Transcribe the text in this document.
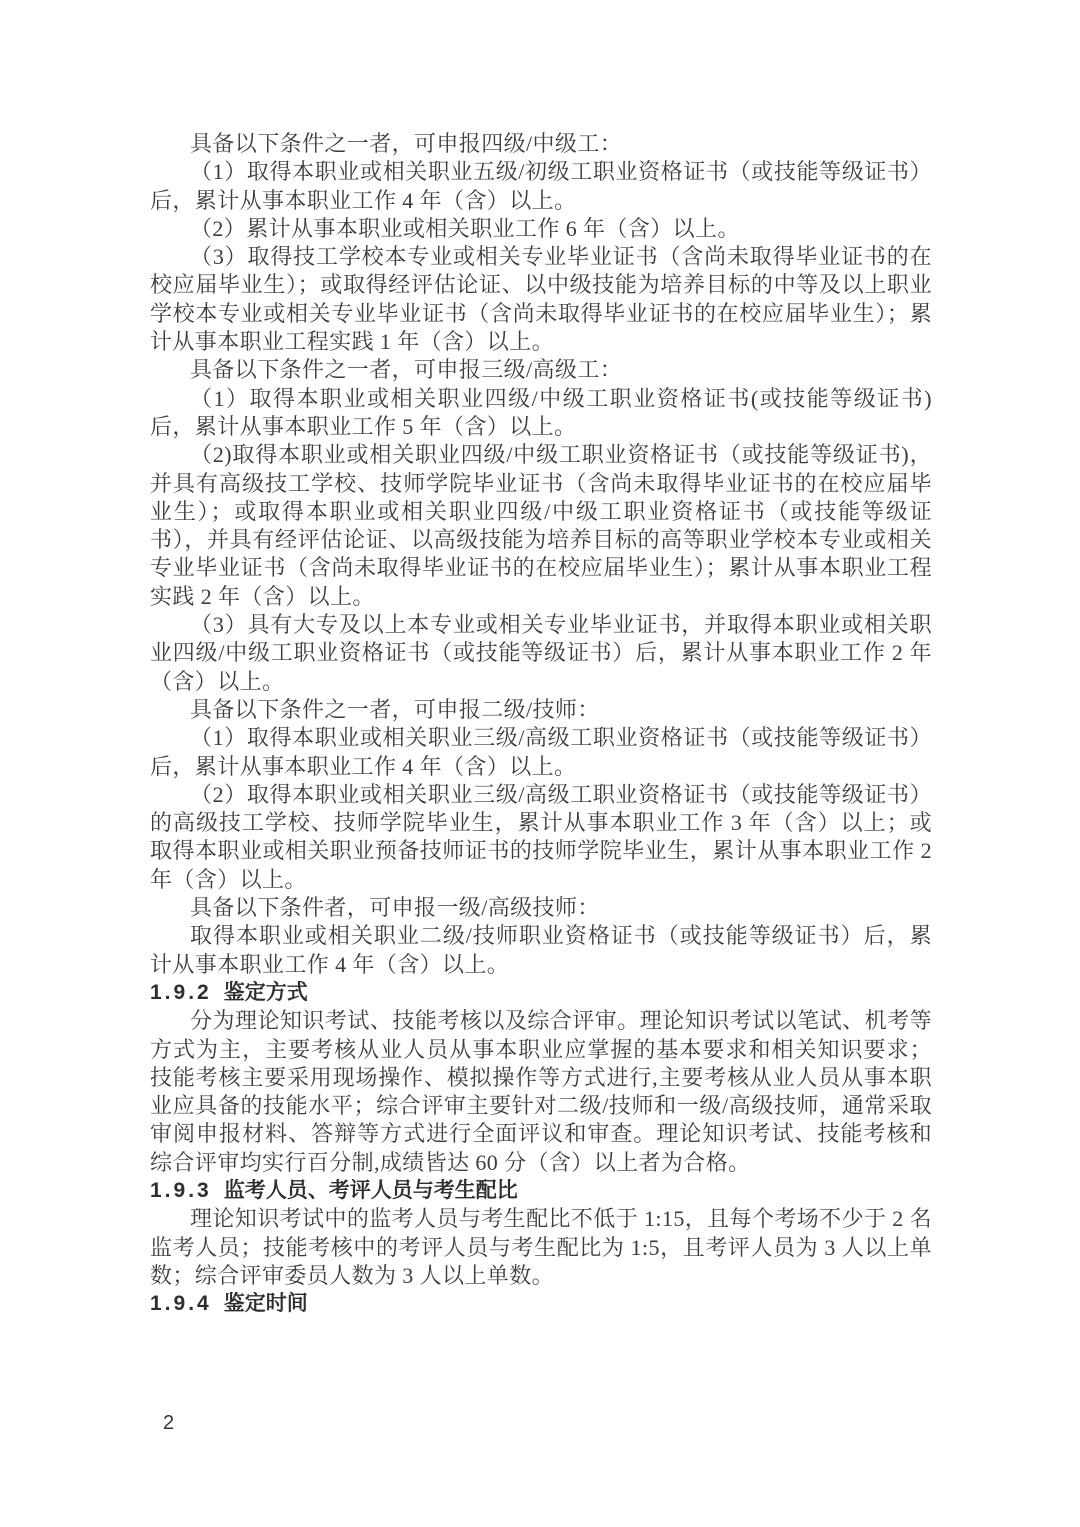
具备以下条件之一者，可申报四级/中级工：

（1）取得本职业或相关职业五级/初级工职业资格证书（或技能等级证书）后，累计从事本职业工作 4 年（含）以上。

（2）累计从事本职业或相关职业工作 6 年（含）以上。

（3）取得技工学校本专业或相关专业毕业证书（含尚未取得毕业证书的在校应届毕业生）；或取得经评估论证、以中级技能为培养目标的中等及以上职业学校本专业或相关专业毕业证书（含尚未取得毕业证书的在校应届毕业生）；累计从事本职业工程实践 1 年（含）以上。

具备以下条件之一者，可申报三级/高级工：

（1）取得本职业或相关职业四级/中级工职业资格证书(或技能等级证书)后，累计从事本职业工作 5 年（含）以上。

（2)取得本职业或相关职业四级/中级工职业资格证书（或技能等级证书)，并具有高级技工学校、技师学院毕业证书（含尚未取得毕业证书的在校应届毕业生）；或取得本职业或相关职业四级/中级工职业资格证书（或技能等级证书），并具有经评估论证、以高级技能为培养目标的高等职业学校本专业或相关专业毕业证书（含尚未取得毕业证书的在校应届毕业生）；累计从事本职业工程实践 2 年（含）以上。

（3）具有大专及以上本专业或相关专业毕业证书，并取得本职业或相关职业四级/中级工职业资格证书（或技能等级证书）后，累计从事本职业工作 2 年（含）以上。

具备以下条件之一者，可申报二级/技师：

（1）取得本职业或相关职业三级/高级工职业资格证书（或技能等级证书）后，累计从事本职业工作 4 年（含）以上。

（2）取得本职业或相关职业三级/高级工职业资格证书（或技能等级证书）的高级技工学校、技师学院毕业生，累计从事本职业工作 3 年（含）以上；或取得本职业或相关职业预备技师证书的技师学院毕业生，累计从事本职业工作 2 年（含）以上。

具备以下条件者，可申报一级/高级技师：

取得本职业或相关职业二级/技师职业资格证书（或技能等级证书）后，累计从事本职业工作 4 年（含）以上。

1.9.2 鉴定方式

分为理论知识考试、技能考核以及综合评审。理论知识考试以笔试、机考等方式为主，主要考核从业人员从事本职业应掌握的基本要求和相关知识要求；技能考核主要采用现场操作、模拟操作等方式进行,主要考核从业人员从事本职业应具备的技能水平；综合评审主要针对二级/技师和一级/高级技师，通常采取审阅申报材料、答辩等方式进行全面评议和审查。理论知识考试、技能考核和综合评审均实行百分制,成绩皆达 60 分（含）以上者为合格。

1.9.3 监考人员、考评人员与考生配比

理论知识考试中的监考人员与考生配比不低于 1:15，且每个考场不少于 2 名监考人员；技能考核中的考评人员与考生配比为 1:5，且考评人员为 3 人以上单数；综合评审委员人数为 3 人以上单数。

1.9.4 鉴定时间
2
